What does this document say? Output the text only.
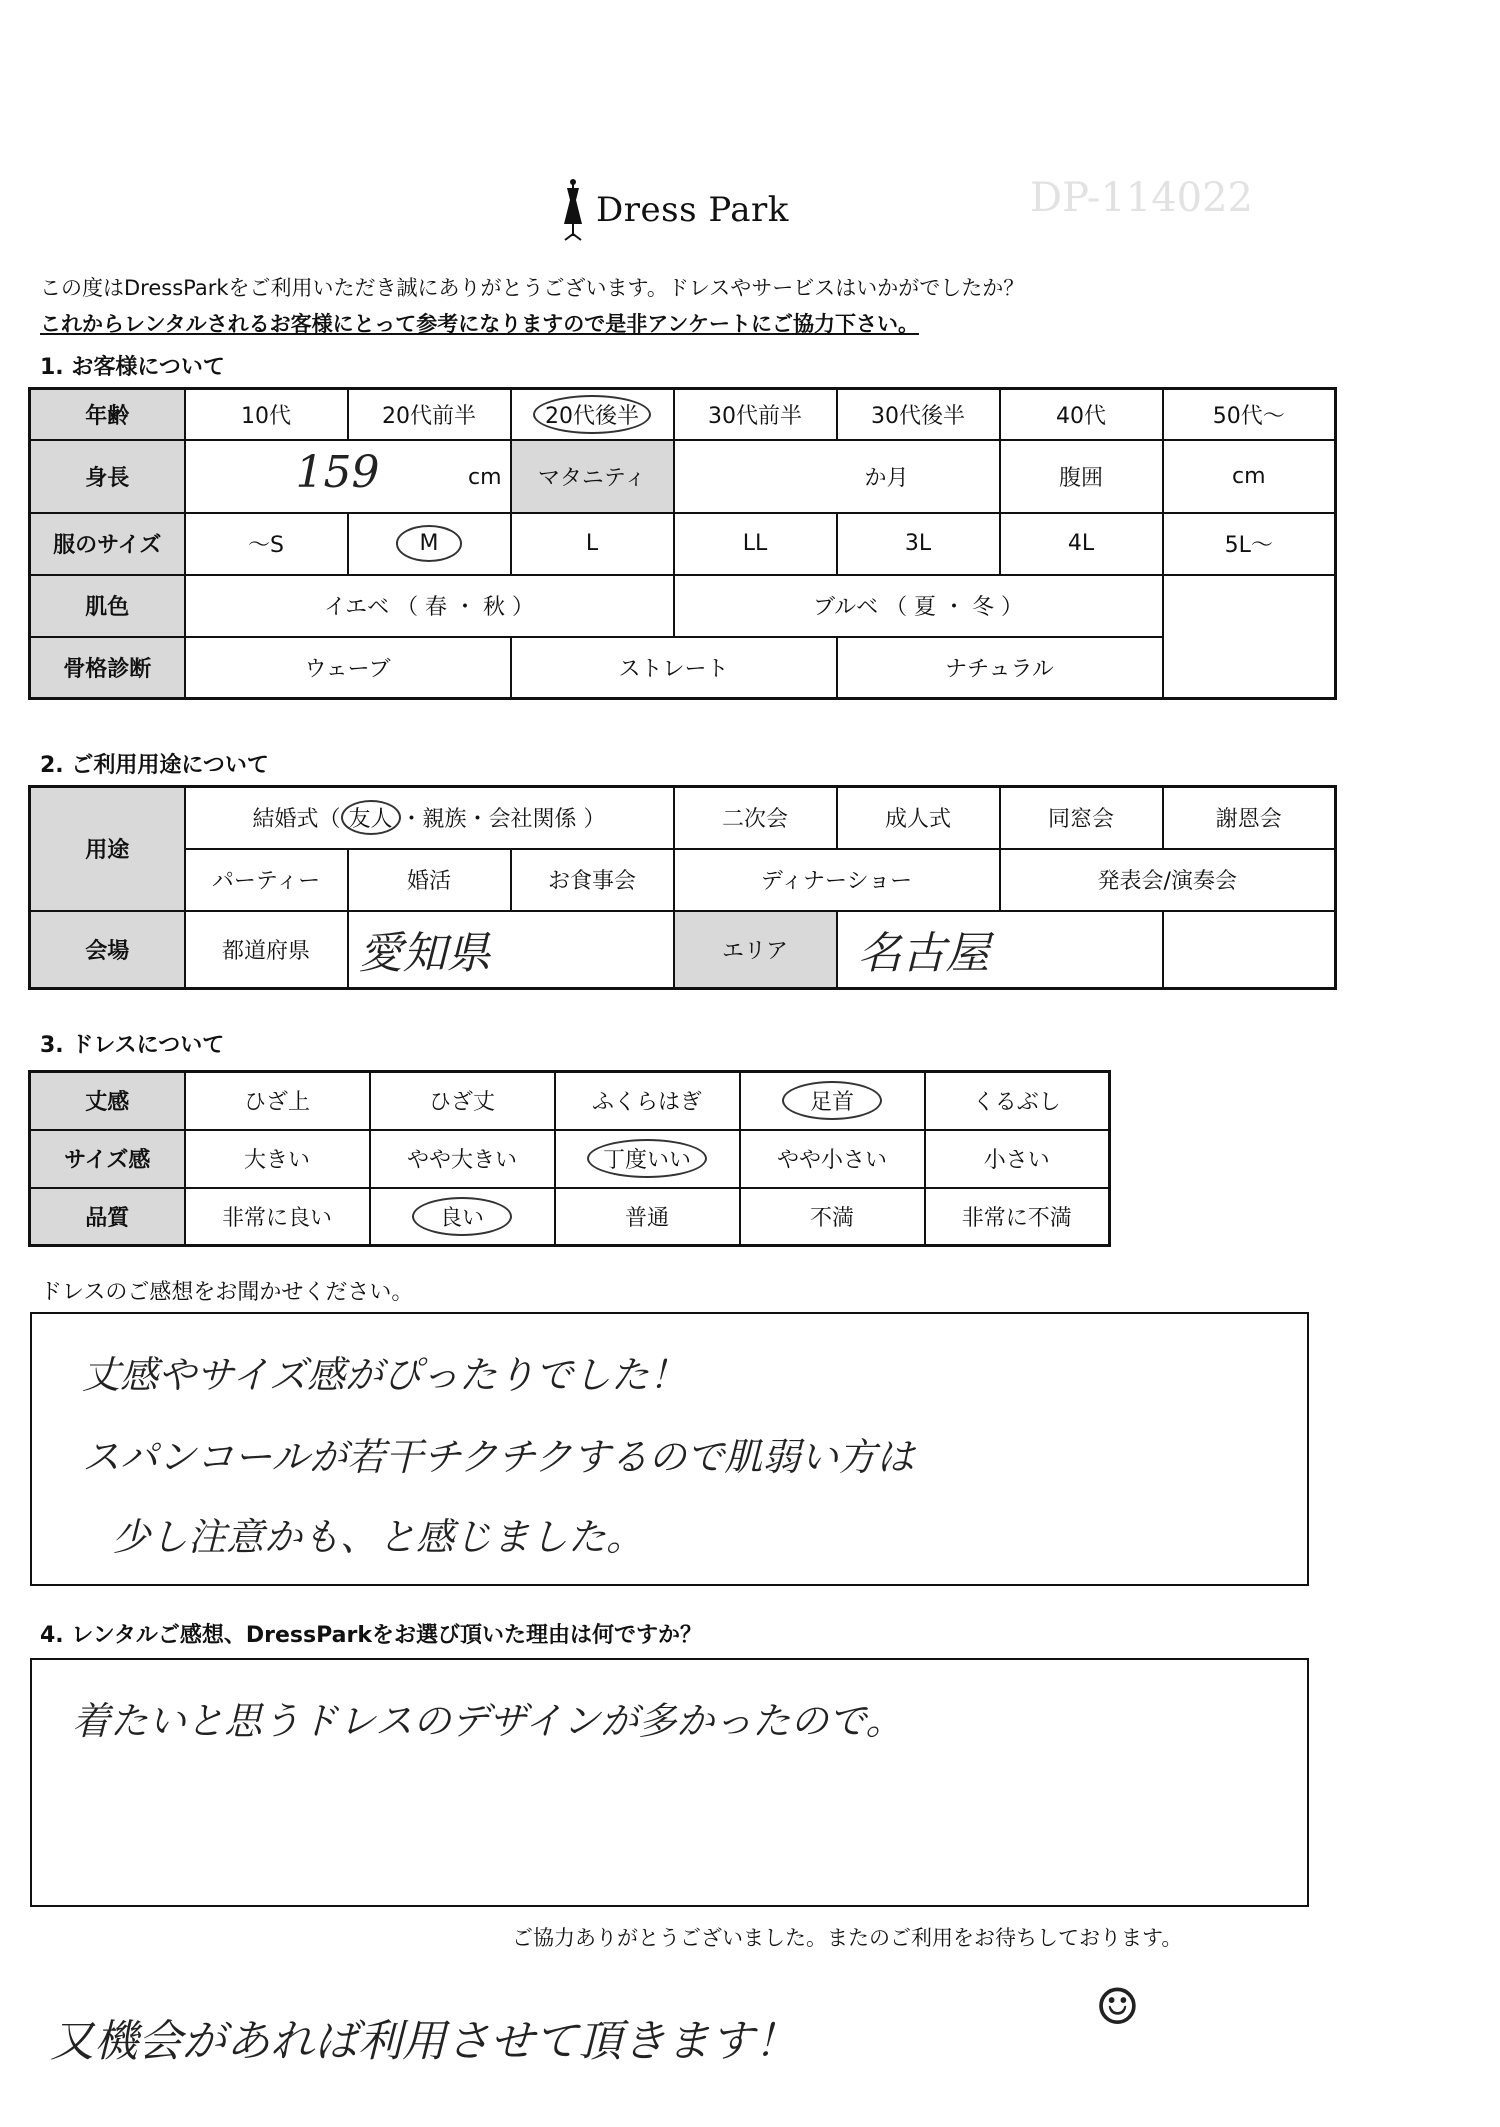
DP-114022
Dress Park
この度はDressParkをご利用いただき誠にありがとうございます。ドレスやサービスはいかがでしたか？
これからレンタルされるお客様にとって参考になりますので是非アンケートにご協力下さい。
1. お客様について
年齢	10代	20代前半	20代後半	30代前半	30代後半	40代	50代〜
身長	159 cm		マタニティ	か月		腹囲	cm
服のサイズ	〜S	M	L	LL	3L	4L	5L〜
肌色	イエベ （ 春 ・ 秋 ）			ブルベ （ 夏 ・ 冬 ）			
骨格診断	ウェーブ		ストレート		ナチュラル		
2. ご利用用途について
用途	結婚式（ 友人 ・親族・会社関係 ）			二次会	成人式	同窓会	謝恩会
	パーティー	婚活	お食事会	ディナーショー		発表会/演奏会	
会場	都道府県	愛知県		エリア	名古屋		
3. ドレスについて
丈感	ひざ上	ひざ丈	ふくらはぎ	足首	くるぶし
サイズ感	大きい	やや大きい	丁度いい	やや小さい	小さい
品質	非常に良い	良い	普通	不満	非常に不満
ドレスのご感想をお聞かせください。
丈感やサイズ感がぴったりでした！
スパンコールが若干チクチクするので肌弱い方は
少し注意かも、と感じました。
4. レンタルご感想、DressParkをお選び頂いた理由は何ですか？
着たいと思うドレスのデザインが多かったので。
ご協力ありがとうございました。またのご利用をお待ちしております。
又機会があれば利用させて頂きます！
☺
